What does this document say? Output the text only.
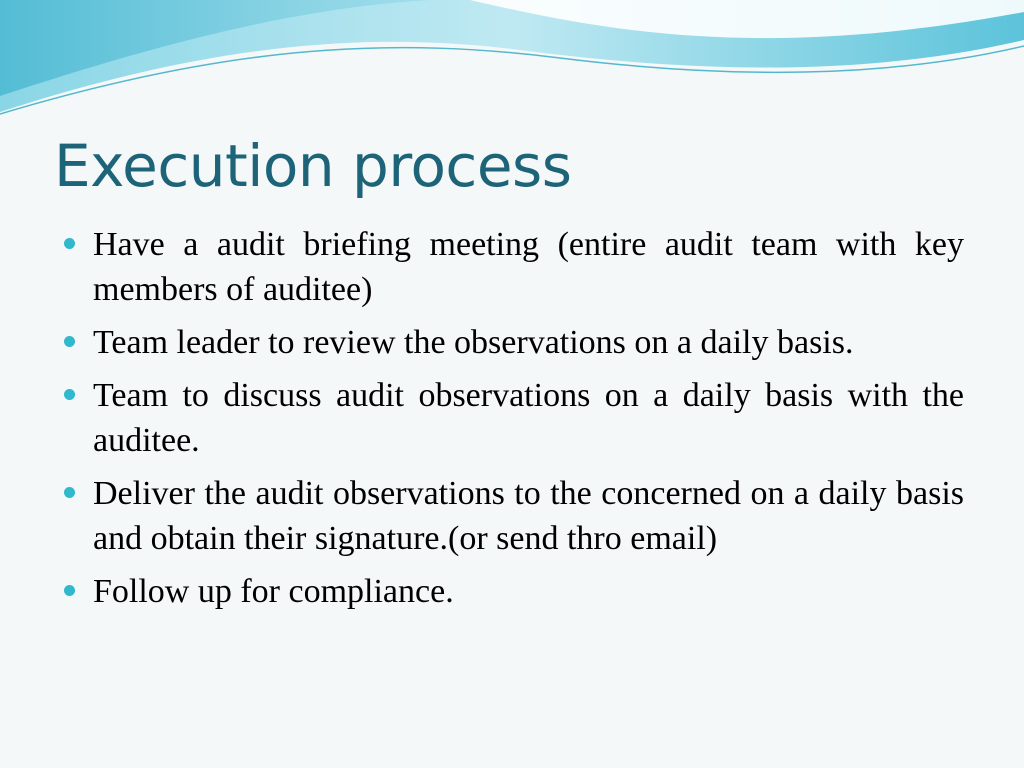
Execution process
Have a audit briefing meeting (entire audit team with key members of auditee)
Team leader to review the observations on a daily basis.
Team to discuss audit observations on a daily basis with the auditee.
Deliver the audit observations to the concerned on a daily basis and obtain their signature.(or send thro email)
Follow up for compliance.
